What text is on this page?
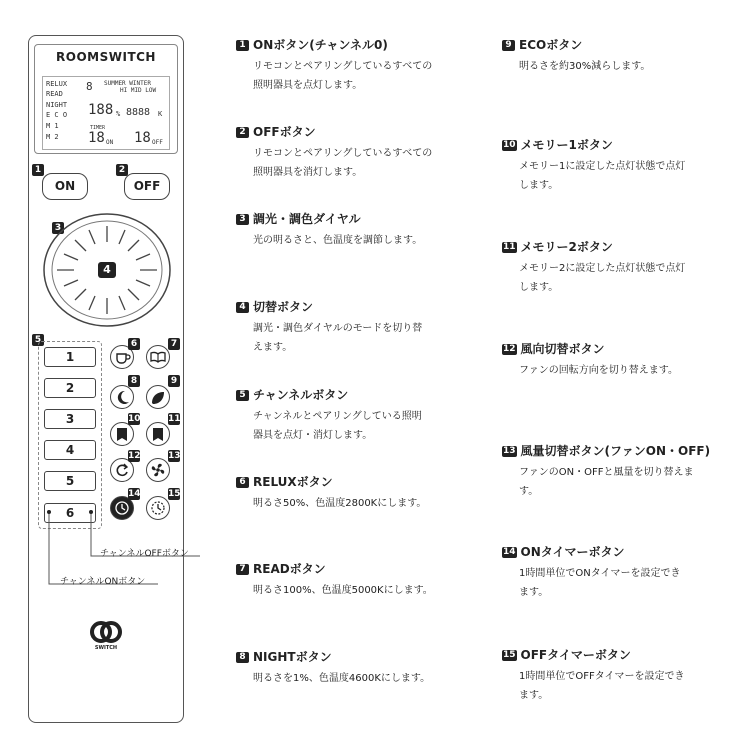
ROOMSWITCH
RELUX
READ
NIGHT
E C O
M 1
M 2
8 SUMMER WINTER
HI MID LOW
188 % 8888 K
TIMER
18 ON 18 OFF
1
ON
2
OFF
3
4
5
1
2
3
4
5
6
チャンネルOFFボタン
チャンネルONボタン
6	7
8	9
10	11
12	13
14	15
SWITCH
1 ONボタン(チャンネル0)
リモコンとペアリングしているすべての
照明器具を点灯します。
2 OFFボタン
リモコンとペアリングしているすべての
照明器具を消灯します。
3 調光・調色ダイヤル
光の明るさと、色温度を調節します。
4 切替ボタン
調光・調色ダイヤルのモードを切り替
えます。
5 チャンネルボタン
チャンネルとペアリングしている照明
器具を点灯・消灯します。
6 RELUXボタン
明るさ50%、色温度2800Kにします。
7 READボタン
明るさ100%、色温度5000Kにします。
8 NIGHTボタン
明るさを1%、色温度4600Kにします。
9 ECOボタン
明るさを約30%減らします。
10 メモリー1ボタン
メモリー1に設定した点灯状態で点灯
します。
11 メモリー2ボタン
メモリー2に設定した点灯状態で点灯
します。
12 風向切替ボタン
ファンの回転方向を切り替えます。
13 風量切替ボタン(ファンON・OFF)
ファンのON・OFFと風量を切り替えま
す。
14 ONタイマーボタン
1時間単位でONタイマーを設定でき
ます。
15 OFFタイマーボタン
1時間単位でOFFタイマーを設定でき
ます。
